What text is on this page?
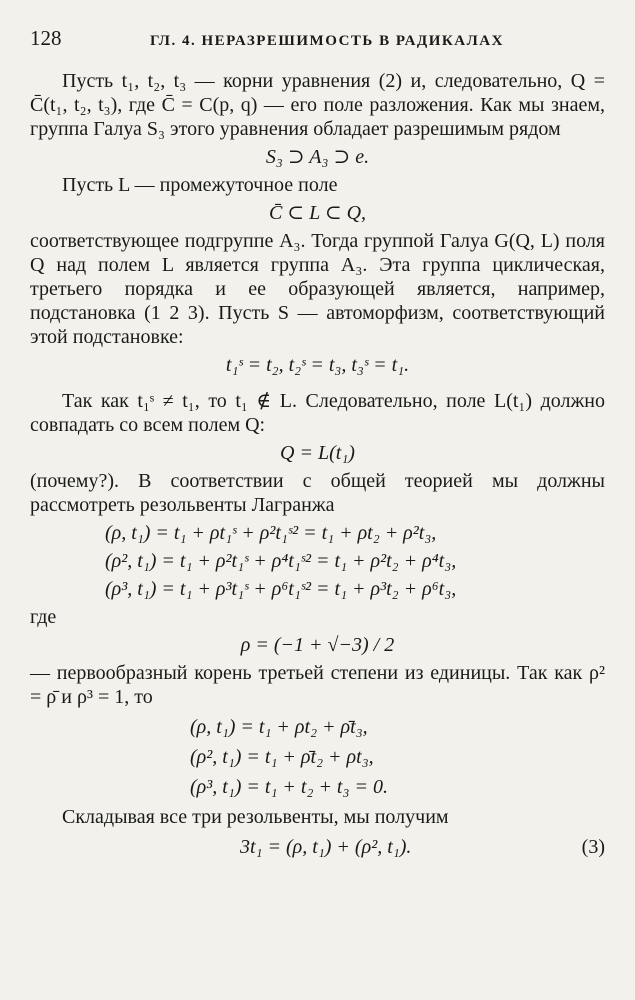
128	ГЛ. 4. НЕРАЗРЕШИМОСТЬ В РАДИКАЛАХ

Пусть t₁, t₂, t₃ — корни уравнения (2) и, следовательно, Q = C̄(t₁, t₂, t₃), где C̄ = C(p, q) — его поле разложения. Как мы знаем, группа Галуа S₃ этого уравнения обладает разрешимым рядом

S₃ ⊃ A₃ ⊃ e.

Пусть L — промежуточное поле

C̄ ⊂ L ⊂ Q,

соответствующее подгруппе A₃. Тогда группой Галуа G(Q, L) поля Q над полем L является группа A₃. Эта группа циклическая, третьего порядка и ее образующей является, например, подстановка (1 2 3). Пусть S — автоморфизм, соответствующий этой подстановке:

t₁ˢ = t₂, t₂ˢ = t₃, t₃ˢ = t₁.

Так как t₁ˢ ≠ t₁, то t₁ ∉ L. Следовательно, поле L(t₁) должно совпадать со всем полем Q:

Q = L(t₁)

(почему?). В соответствии с общей теорией мы должны рассмотреть резольвенты Лагранжа

(ρ, t₁) = t₁ + ρt₁ˢ + ρ²t₁ˢ² = t₁ + ρt₂ + ρ²t₃,
(ρ², t₁) = t₁ + ρ²t₁ˢ + ρ⁴t₁ˢ² = t₁ + ρ²t₂ + ρ⁴t₃,
(ρ³, t₁) = t₁ + ρ³t₁ˢ + ρ⁶t₁ˢ² = t₁ + ρ³t₂ + ρ⁶t₃,

где

ρ = (−1 + √−3) / 2

— первообразный корень третьей степени из единицы. Так как ρ² = ρ̄ и ρ³ = 1, то

(ρ, t₁) = t₁ + ρt₂ + ρ̄t₃,
(ρ², t₁) = t₁ + ρ̄t₂ + ρt₃,
(ρ³, t₁) = t₁ + t₂ + t₃ = 0.

Складывая все три резольвенты, мы получим

3t₁ = (ρ, t₁) + (ρ², t₁).	(3)
